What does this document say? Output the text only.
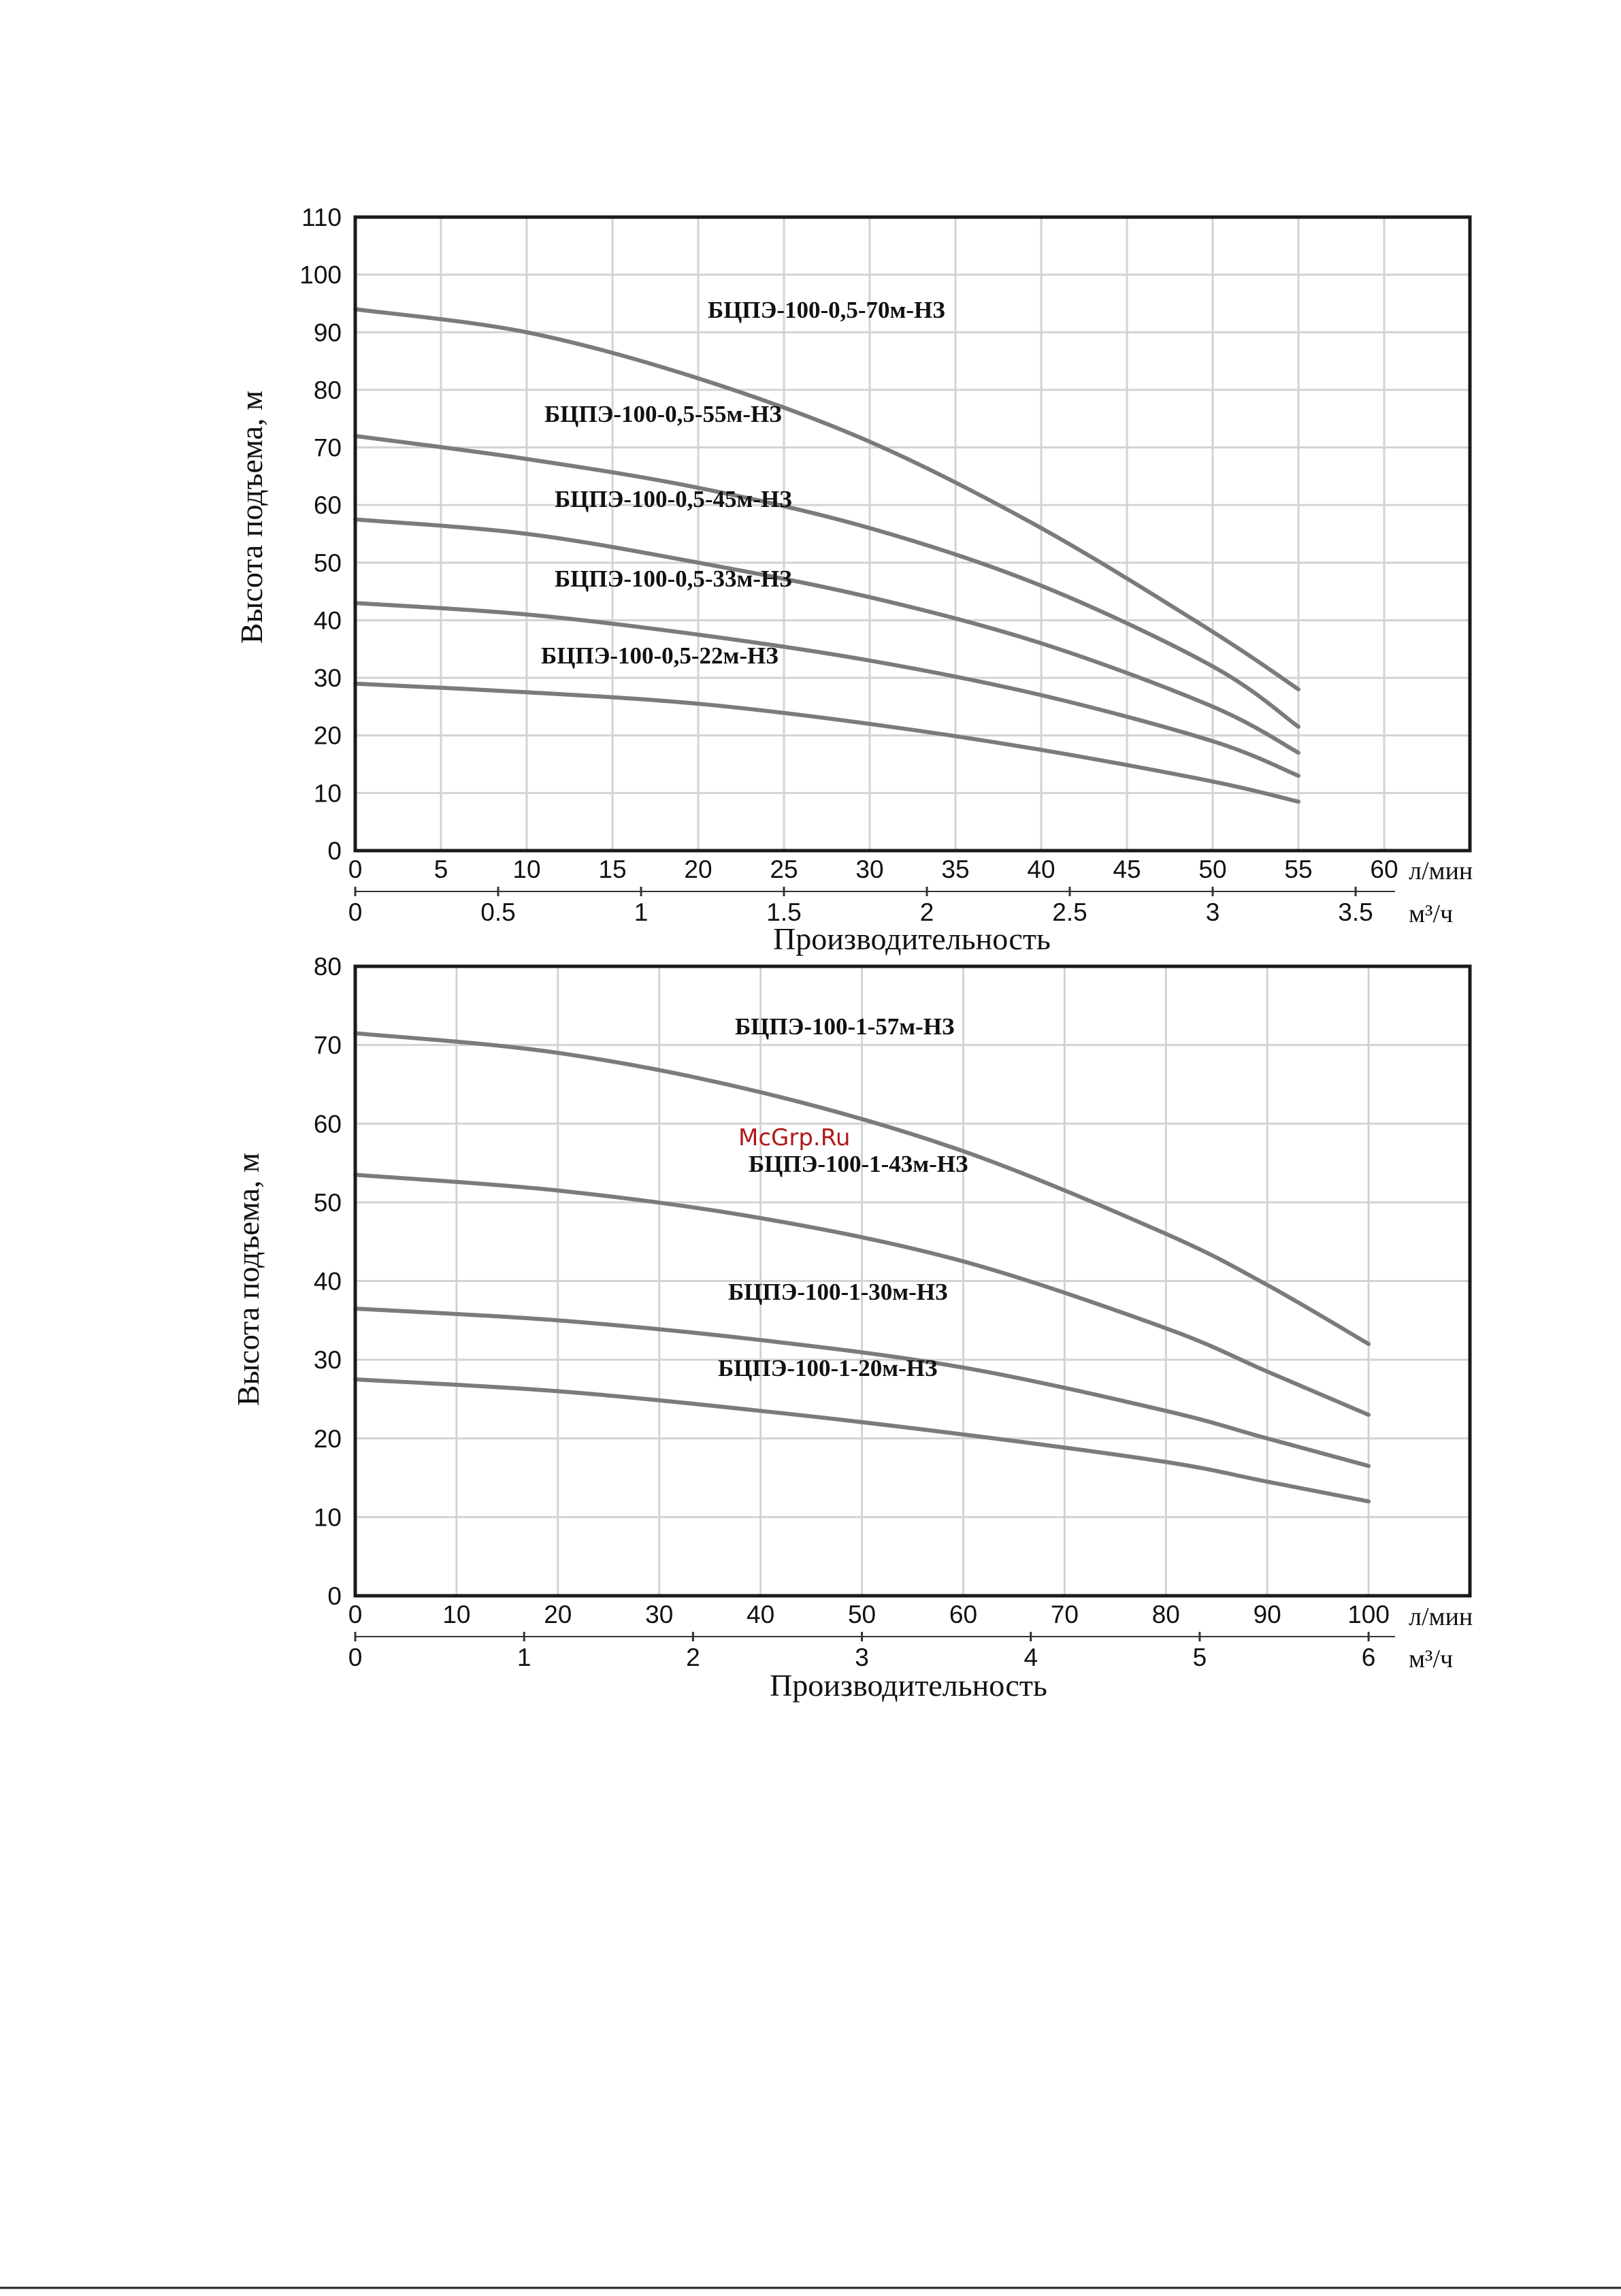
0
10
20
30
40
50
60
70
80
90
100
110
0	5	10 15 20 25 30 35 40 45 50 55 60
0	0.5	1	1.5	2	2.5	3	3.5
БЦПЭ-100-0,5-70м-НЗ
БЦПЭ-100-0,5-55м-НЗ
БЦПЭ-100-0,5-45м-НЗ
БЦПЭ-100-0,5-33м-НЗ
БЦПЭ-100-0,5-22м-НЗ
л/мин
м³/ч
Производительность
Высота подъема, м
0
10
20
30
40
50
60
70
80
0	10	20	30	40	50	60	70	80	90	100
0	1	2	3	4	5	6
БЦПЭ-100-1-57м-НЗ
БЦПЭ-100-1-43м-НЗ
БЦПЭ-100-1-30м-НЗ
БЦПЭ-100-1-20м-НЗ
л/мин
м³/ч
Производительность
Высота подъема, м
McGrp.Ru
